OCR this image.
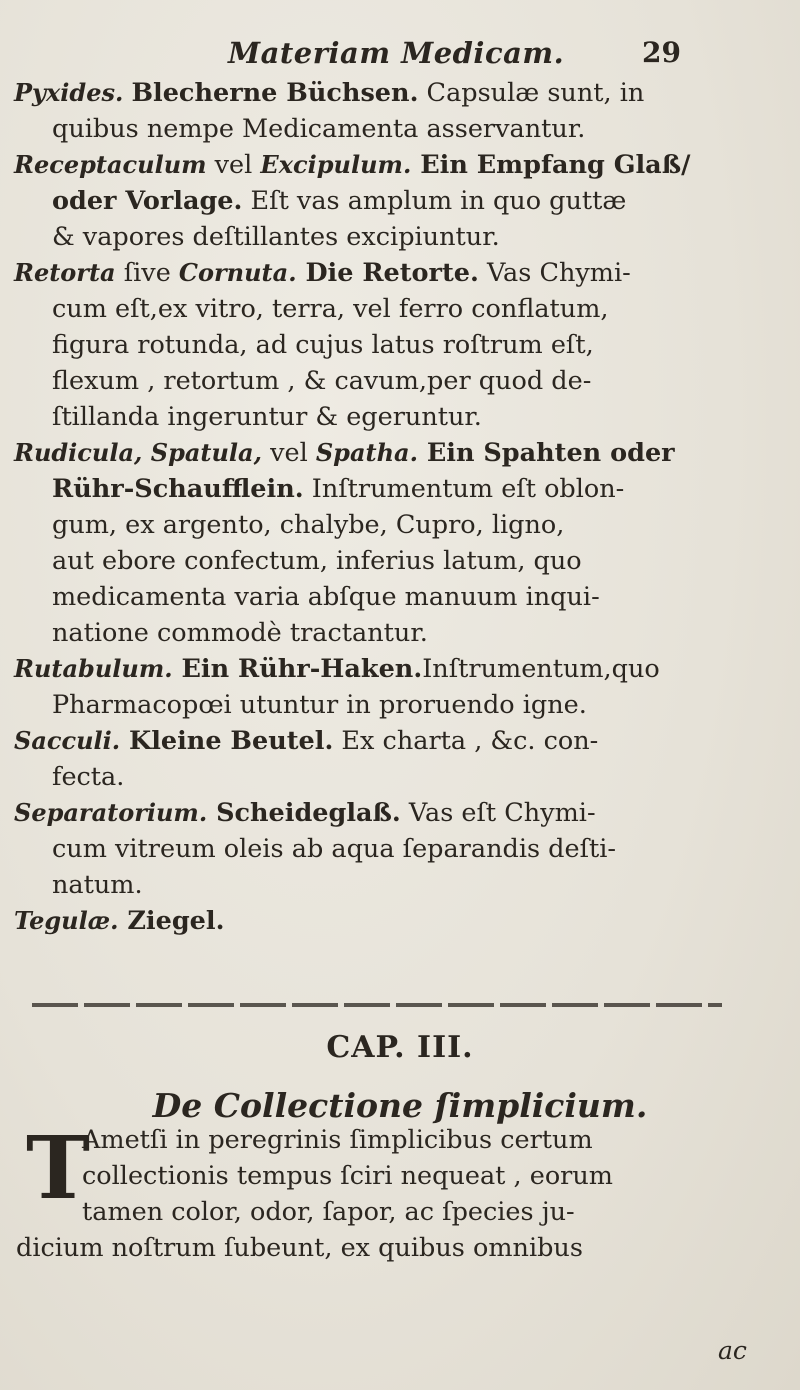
Materiam Medicam.	29
Pyxides. Blecherne Büchsen. Capsulæ sunt, in
quibus nempe Medicamenta asservantur.
Receptaculum vel Excipulum. Ein Empfang Glaß/
oder Vorlage. Eſt vas amplum in quo guttæ
& vapores deſtillantes excipiuntur.
Retorta ſive Cornuta. Die Retorte. Vas Chymi-
cum eſt,ex vitro, terra, vel ferro conflatum,
figura rotunda, ad cujus latus roſtrum eſt,
flexum , retortum , & cavum,per quod de-
ſtillanda ingeruntur & egeruntur.
Rudicula, Spatula, vel Spatha. Ein Spahten oder
Rühr-Schaufflein. Inſtrumentum eſt oblon-
gum, ex argento, chalybe, Cupro, ligno,
aut ebore confectum, inferius latum, quo
medicamenta varia abſque manuum inqui-
natione commodè tractantur.
Rutabulum. Ein Rühr-Haken.Inſtrumentum,quo
Pharmacopœi utuntur in proruendo igne.
Sacculi. Kleine Beutel. Ex charta , &c. con-
fecta.
Separatorium. Scheideglaß. Vas eſt Chymi-
cum vitreum oleis ab aqua ſeparandis deſti-
natum.
Tegulæ. Ziegel.
CAP. III.
De Collectione ſimplicium.
T
Ametſi in peregrinis ſimplicibus certum
collectionis tempus ſciri nequeat , eorum
tamen color, odor, ſapor, ac ſpecies ju-
dicium noſtrum ſubeunt, ex quibus omnibus
ac
